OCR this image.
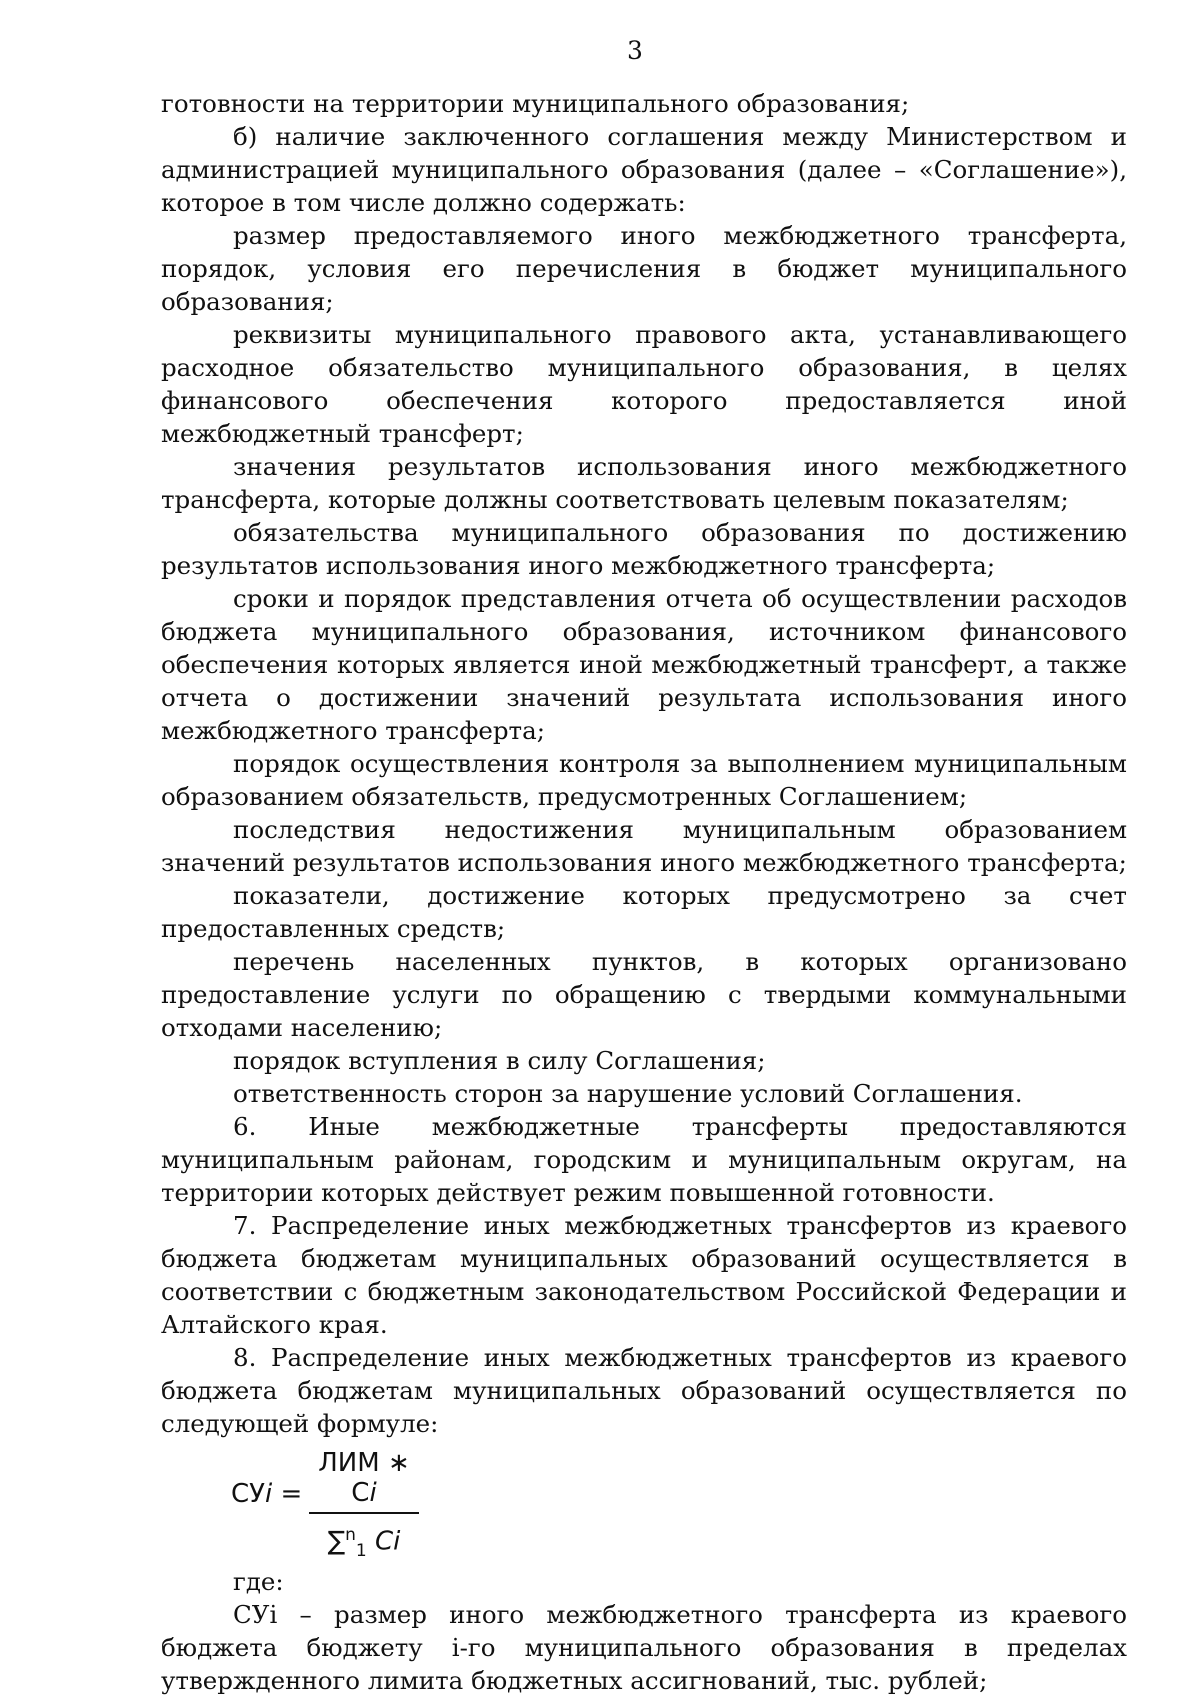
3

готовности на территории муниципального образования;

б) наличие заключенного соглашения между Министерством и администрацией муниципального образования (далее – «Соглашение»), которое в том числе должно содержать:

размер предоставляемого иного межбюджетного трансферта, порядок, условия его перечисления в бюджет муниципального образования;

реквизиты муниципального правового акта, устанавливающего расходное обязательство муниципального образования, в целях финансового обеспечения которого предоставляется иной межбюджетный трансферт;

значения результатов использования иного межбюджетного трансферта, которые должны соответствовать целевым показателям;

обязательства муниципального образования по достижению результатов использования иного межбюджетного трансферта;

сроки и порядок представления отчета об осуществлении расходов бюджета муниципального образования, источником финансового обеспечения которых является иной межбюджетный трансферт, а также отчета о достижении значений результата использования иного межбюджетного трансферта;

порядок осуществления контроля за выполнением муниципальным образованием обязательств, предусмотренных Соглашением;

последствия недостижения муниципальным образованием значений результатов использования иного межбюджетного трансферта;

показатели, достижение которых предусмотрено за счет предоставленных средств;

перечень населенных пунктов, в которых организовано предоставление услуги по обращению с твердыми коммунальными отходами населению;

порядок вступления в силу Соглашения;

ответственность сторон за нарушение условий Соглашения.

6. Иные межбюджетные трансферты предоставляются муниципальным районам, городским и муниципальным округам, на территории которых действует режим повышенной готовности.

7. Распределение иных межбюджетных трансфертов из краевого бюджета бюджетам муниципальных образований осуществляется в соответствии с бюджетным законодательством Российской Федерации и Алтайского края.

8. Распределение иных межбюджетных трансфертов из краевого бюджета бюджетам муниципальных образований осуществляется по следующей формуле:

СУi =
ЛИМ ∗ Сi
∑$^n_1$ Ci

где:

СУi – размер иного межбюджетного трансферта из краевого бюджета бюджету i-го муниципального образования в пределах утвержденного лимита бюджетных ассигнований, тыс. рублей;
